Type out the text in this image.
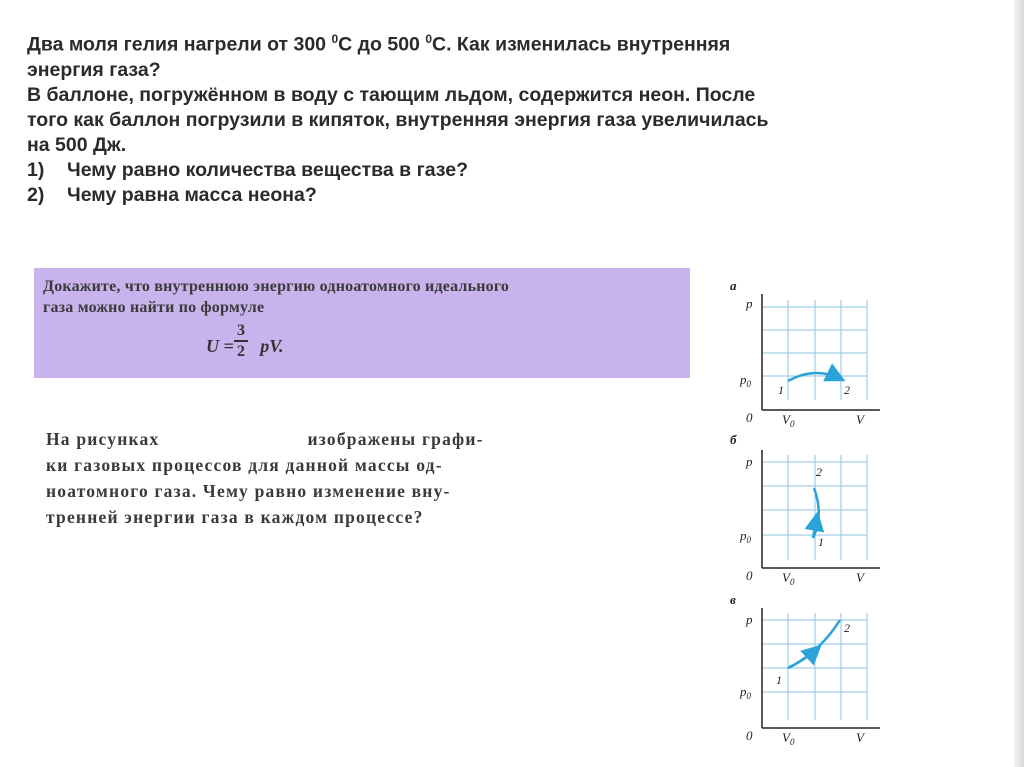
Два моля гелия нагрели от 300 $^0$С до 500 $^0$С. Как изменилась внутренняя
энергия газа?
В баллоне, погружённом в воду с тающим льдом, содержится неон. После
того как баллон погрузили в кипяток, внутренняя энергия газа увеличилась
на 500 Дж.
1) Чему равно количества вещества в газе?
2) Чему равна масса неона?
Докажите, что внутреннюю энергию одноатомного идеального
газа можно найти по формуле
U =
3
2 pV.
На рисунках	изображены графи-
ки газовых процессов для данной массы од-
ноатомного газа. Чему равно изменение вну-
тренней энергии газа в каждом процессе?
а
p
$p_0$
0 $V_0$	V
1	2
б
p
$p_0$
0 $V_0$	V
1
2
в
p
$p_0$
0 $V_0$	V
1
2
